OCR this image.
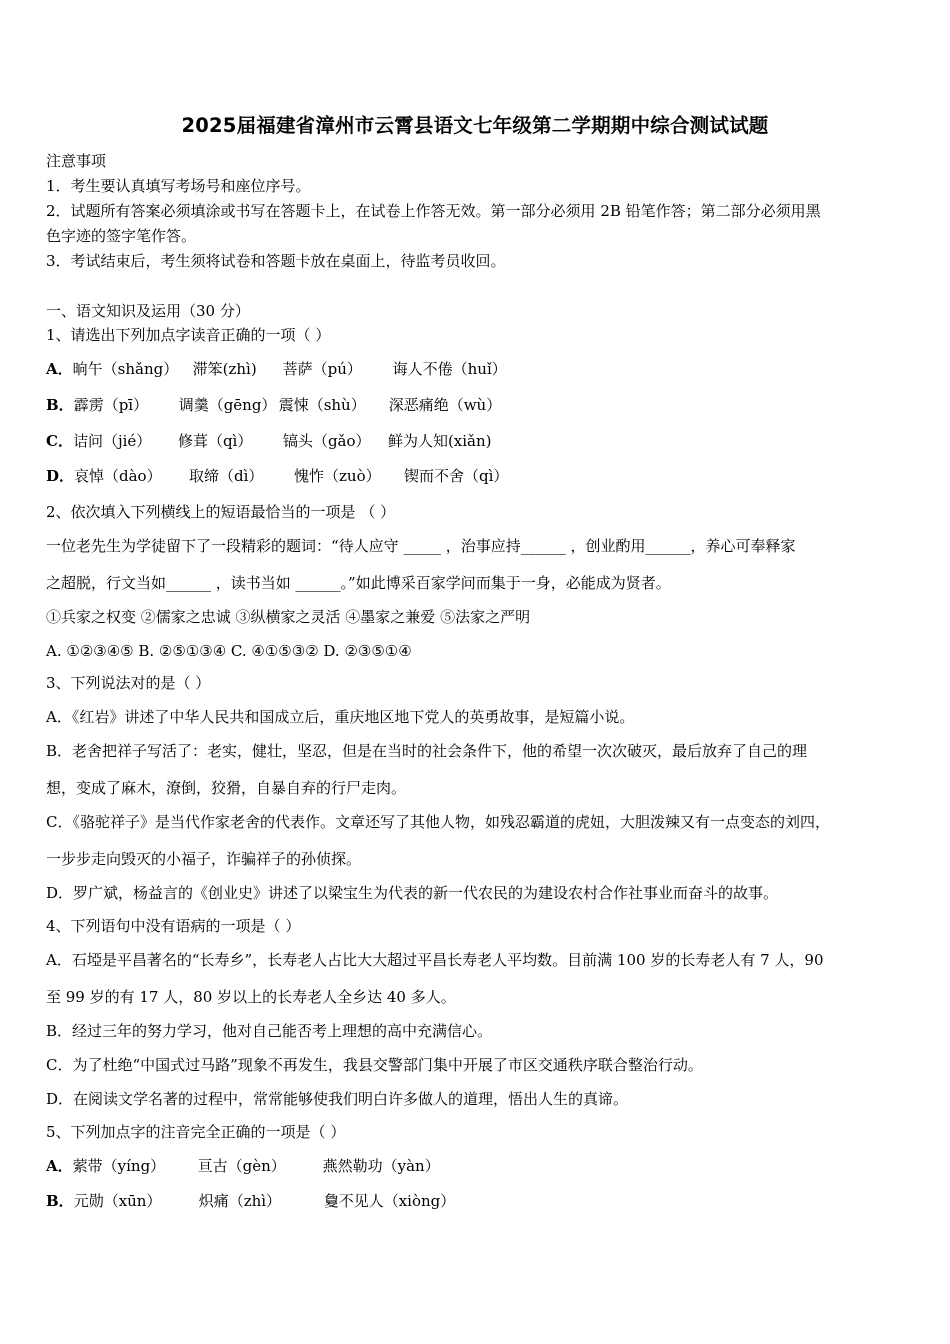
2025届福建省漳州市云霄县语文七年级第二学期期中综合测试试题
注意事项
1．考生要认真填写考场号和座位序号。
2．试题所有答案必须填涂或书写在答题卡上，在试卷上作答无效。第一部分必须用 2B 铅笔作答；第二部分必须用黑
色字迹的签字笔作答。
3．考试结束后，考生须将试卷和答题卡放在桌面上，待监考员收回。
一、语文知识及运用（30 分）
1、请选出下列加点字读音正确的一项（ ）
A．晌午（shǎng） 滞笨(zhì) 菩萨（pú） 诲人不倦（huǐ）
B．霹雳（pī） 调羹（gēng） 震悚（shù） 深恶痛绝（wù）
C．诘问（jié） 修葺（qì） 镐头（gǎo） 鲜为人知(xiǎn)
D．哀悼（dào） 取缔（dì） 愧怍（zuò） 锲而不舍（qì）
2、依次填入下列横线上的短语最恰当的一项是 （ ）
一位老先生为学徒留下了一段精彩的题词：“待人应守 _____ ，治事应持______ ，创业酌用______，养心可奉释家
之超脱，行文当如______ ，读书当如 ______。”如此博采百家学问而集于一身，必能成为贤者。
①兵家之权变 ②儒家之忠诚 ③纵横家之灵活 ④墨家之兼爱 ⑤法家之严明
A. ①②③④⑤ B. ②⑤①③④ C. ④①⑤③② D. ②③⑤①④
3、下列说法对的是（ ）
A．《红岩》讲述了中华人民共和国成立后，重庆地区地下党人的英勇故事，是短篇小说。
B．老舍把祥子写活了：老实，健壮，坚忍，但是在当时的社会条件下，他的希望一次次破灭，最后放弃了自己的理
想，变成了麻木，潦倒，狡猾，自暴自弃的行尸走肉。
C．《骆驼祥子》是当代作家老舍的代表作。文章还写了其他人物，如残忍霸道的虎妞，大胆泼辣又有一点变态的刘四，
一步步走向毁灭的小福子，诈骗祥子的孙侦探。
D．罗广斌，杨益言的《创业史》讲述了以梁宝生为代表的新一代农民的为建设农村合作社事业而奋斗的故事。
4、下列语句中没有语病的一项是（ ）
A．石埡是平昌著名的“长寿乡”，长寿老人占比大大超过平昌长寿老人平均数。目前满 100 岁的长寿老人有 7 人，90
至 99 岁的有 17 人，80 岁以上的长寿老人全乡达 40 多人。
B．经过三年的努力学习，他对自己能否考上理想的高中充满信心。
C．为了杜绝“中国式过马路”现象不再发生，我县交警部门集中开展了市区交通秩序联合整治行动。
D．在阅读文学名著的过程中，常常能够使我们明白许多做人的道理，悟出人生的真谛。
5、下列加点字的注音完全正确的一项是（ ）
A．萦带（yíng） 亘古（gèn） 燕然勒功（yàn）
B．元勋（xūn） 炽痛（zhì）	敻不见人（xiòng）
